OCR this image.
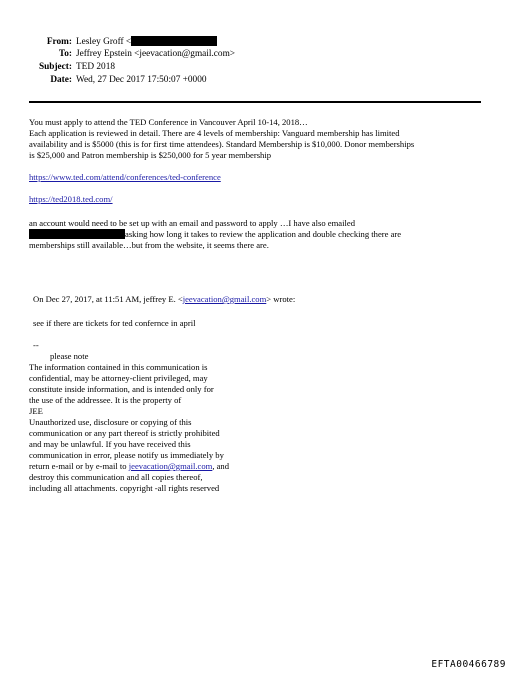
From: Lesley Groff <
To: Jeffrey Epstein <jeevacation@gmail.com>
Subject: TED 2018
Date: Wed, 27 Dec 2017 17:50:07 +0000
You must apply to attend the TED Conference in Vancouver April 10-14, 2018…
Each application is reviewed in detail. There are 4 levels of membership: Vanguard membership has limited
availability and is $5000 (this is for first time attendees). Standard Membership is $10,000. Donor memberships
is $25,000 and Patron membership is $250,000 for 5 year membership
https://www.ted.com/attend/conferences/ted-conference
https://ted2018.ted.com/
an account would need to be set up with an email and password to apply …I have also emailed
asking how long it takes to review the application and double checking there are
memberships still available…but from the website, it seems there are.
On Dec 27, 2017, at 11:51 AM, jeffrey E. <jeevacation@gmail.com> wrote:
see if there are tickets for ted confernce in april
--
please note
The information contained in this communication is
confidential, may be attorney-client privileged, may
constitute inside information, and is intended only for
the use of the addressee. It is the property of
JEE
Unauthorized use, disclosure or copying of this
communication or any part thereof is strictly prohibited
and may be unlawful. If you have received this
communication in error, please notify us immediately by
return e-mail or by e-mail to jeevacation@gmail.com, and
destroy this communication and all copies thereof,
including all attachments. copyright -all rights reserved
EFTA00466789
